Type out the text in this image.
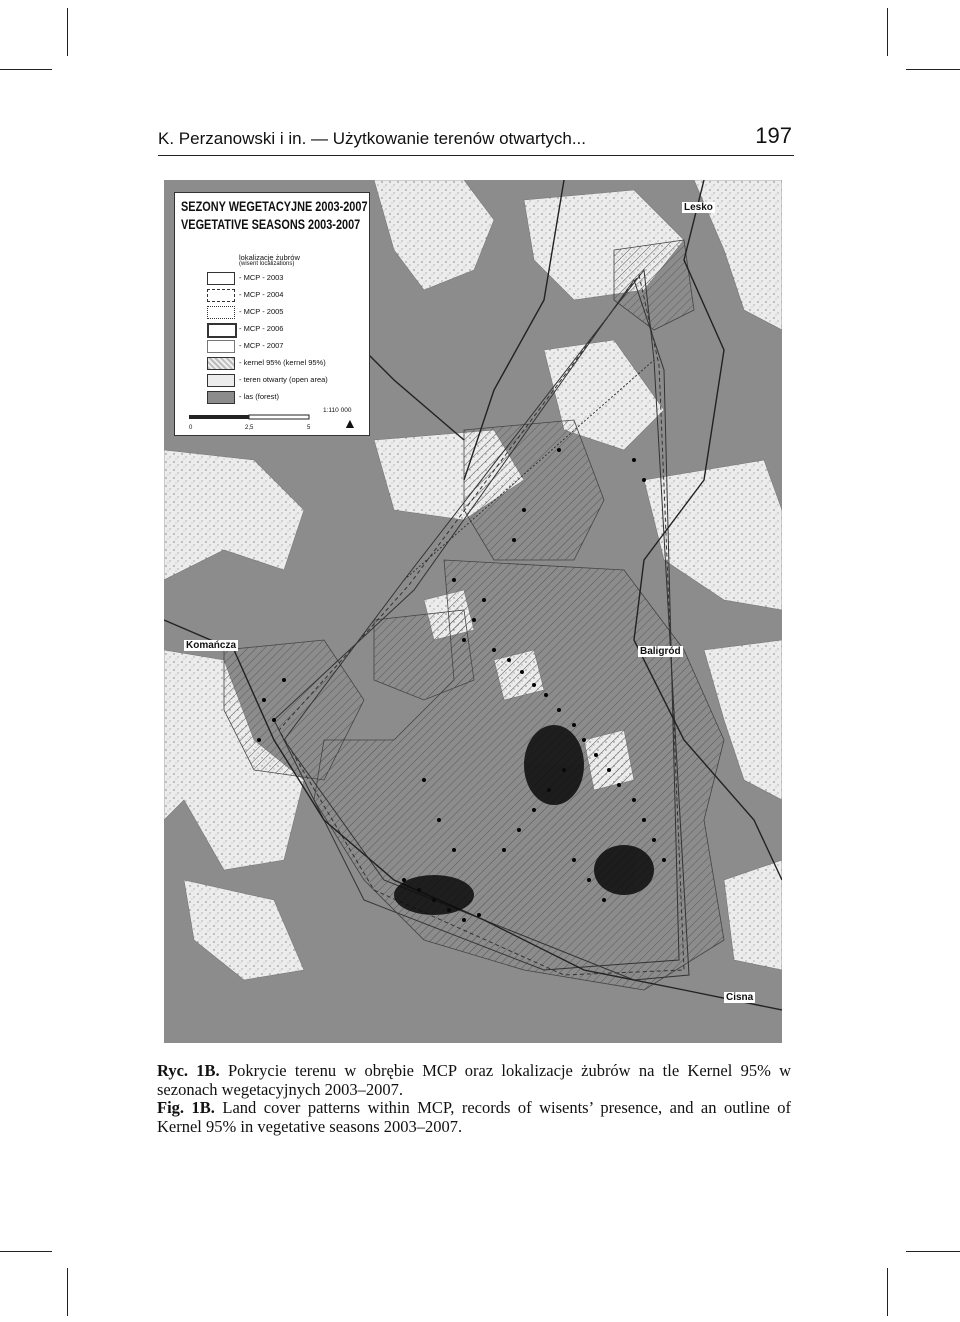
K. Perzanowski i in. — Użytkowanie terenów otwartych...	197
SEZONY WEGETACYJNE 2003-2007
VEGETATIVE SEASONS 2003-2007
lokalizacje żubrów
(wisent localizations)
- MCP - 2003
- MCP - 2004
- MCP - 2005
- MCP - 2006
- MCP - 2007
- kernel 95% (kernel 95%)
- teren otwarty (open area)
- las (forest)
1:110 000
0	2,5	5 ▲
Lesko
Komańcza
Baligród
Cisna

Ryc. 1B. Pokrycie terenu w obrębie MCP oraz lokalizacje żubrów na tle Kernel 95% w sezonach wegetacyjnych 2003–2007.

Fig. 1B. Land cover patterns within MCP, records of wisents’ presence, and an outline of Kernel 95% in vegetative seasons 2003–2007.
